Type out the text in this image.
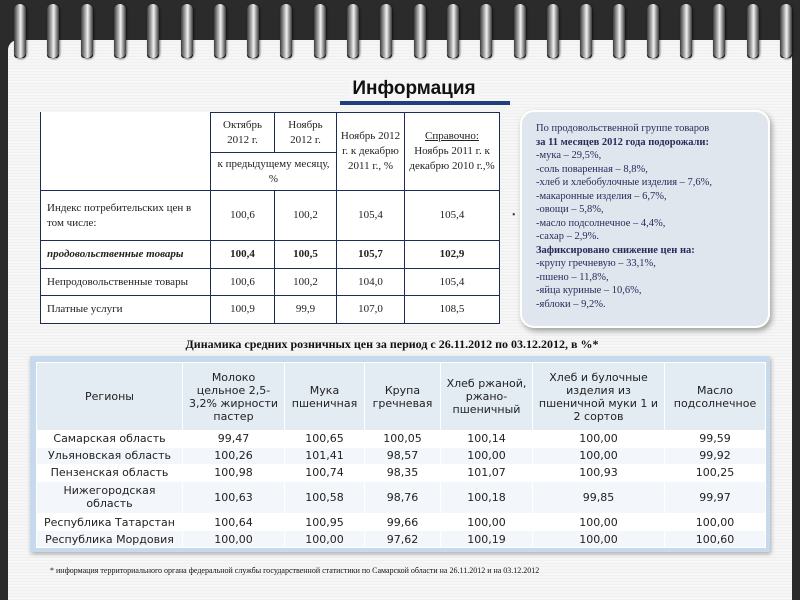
Информация
	Октябрь 2012 г.	Ноябрь 2012 г.	Ноябрь 2012 г. к декабрю 2011 г., %	Справочно:
Ноябрь 2011 г. к декабрю 2010 г.,%
	к предыдущему месяцу, %			
Индекс потребительских цен в том числе:	100,6	100,2	105,4	105,4
продовольственные товары	100,4	100,5	105,7	102,9
Непродовольственные товары	100,6	100,2	104,0	105,4
Платные услуги	100,9	99,9	107,0	108,5
•
По продовольственной группе товаров
за 11 месяцев 2012 года подорожали:
-мука – 29,5%,
-соль поваренная – 8,8%,
-хлеб и хлебобулочные изделия – 7,6%,
-макаронные изделия – 6,7%,
-овощи – 5,8%,
-масло подсолнечное – 4,4%,
-сахар – 2,9%.
Зафиксировано снижение цен на:
-крупу гречневую – 33,1%,
-пшено – 11,8%,
-яйца куриные – 10,6%,
-яблоки – 9,2%.
Динамика средних розничных цен за период с 26.11.2012 по 03.12.2012, в %*
Регионы	Молоко цельное 2,5-3,2% жирности пастер	Мука пшеничная	Крупа гречневая	Хлеб ржаной, ржано-пшеничный	Хлеб и булочные изделия из пшеничной муки 1 и 2 сортов	Масло подсолнечное
Самарская область	99,47	100,65	100,05	100,14	100,00	99,59
Ульяновская область	100,26	101,41	98,57	100,00	100,00	99,92
Пензенская область	100,98	100,74	98,35	101,07	100,93	100,25
Нижегородская область	100,63	100,58	98,76	100,18	99,85	99,97
Республика Татарстан	100,64	100,95	99,66	100,00	100,00	100,00
Республика Мордовия	100,00	100,00	97,62	100,19	100,00	100,60
* информация территориального органа федеральной службы государственной статистики по Самарской области на 26.11.2012 и на 03.12.2012
